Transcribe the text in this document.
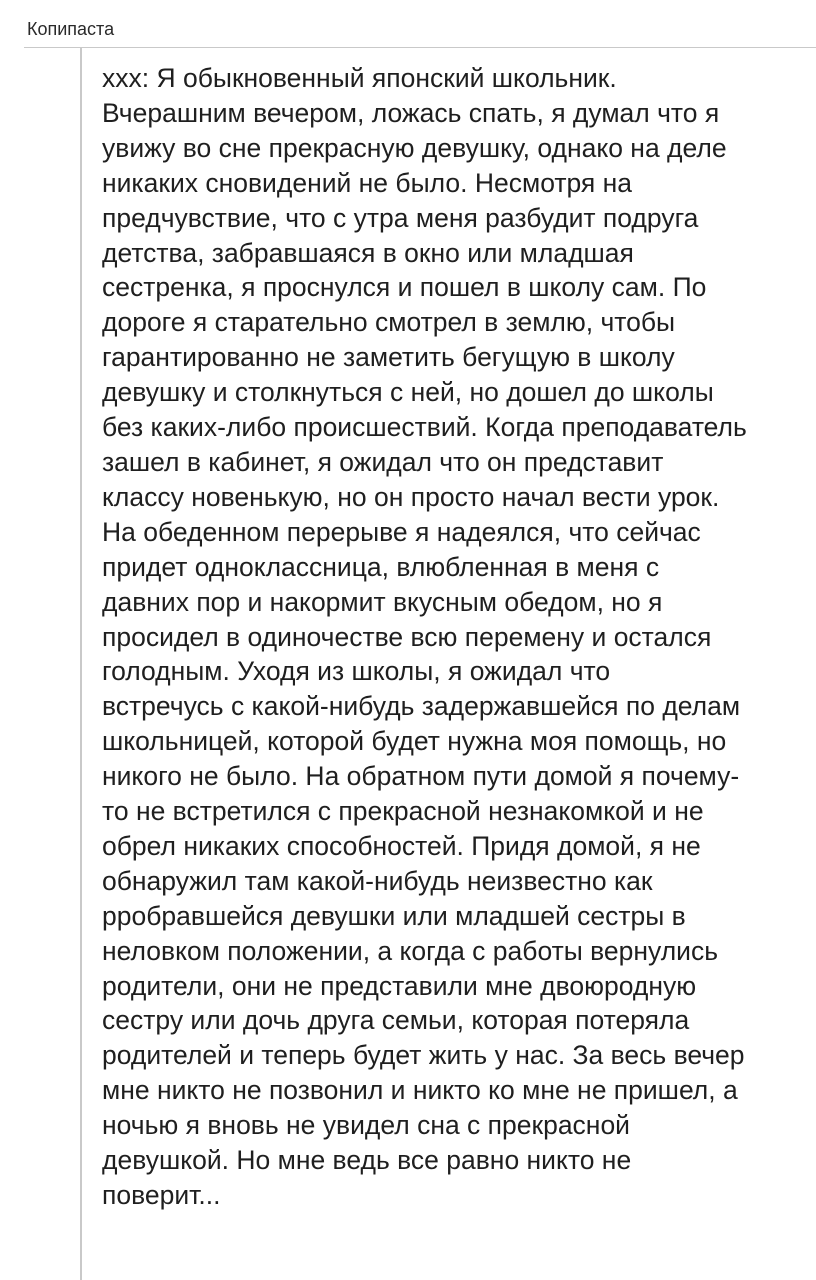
Копипаста

ххх: Я обыкновенный японский школьник.
Вчерашним вечером, ложась спать, я думал что я
увижу во сне прекрасную девушку, однако на деле
никаких сновидений не было. Несмотря на
предчувствие, что с утра меня разбудит подруга
детства, забравшаяся в окно или младшая
сестренка, я проснулся и пошел в школу сам. По
дороге я старательно смотрел в землю, чтобы
гарантированно не заметить бегущую в школу
девушку и столкнуться с ней, но дошел до школы
без каких-либо происшествий. Когда преподаватель
зашел в кабинет, я ожидал что он представит
классу новенькую, но он просто начал вести урок.
На обеденном перерыве я надеялся, что сейчас
придет одноклассница, влюбленная в меня с
давних пор и накормит вкусным обедом, но я
просидел в одиночестве всю перемену и остался
голодным. Уходя из школы, я ожидал что
встречусь с какой-нибудь задержавшейся по делам
школьницей, которой будет нужна моя помощь, но
никого не было. На обратном пути домой я почему-
то не встретился с прекрасной незнакомкой и не
обрел никаких способностей. Придя домой, я не
обнаружил там какой-нибудь неизвестно как
pробравшейся девушки или младшей сестры в
неловком положении, а когда с работы вернулись
родители, они не представили мне двоюродную
сестру или дочь друга семьи, которая потеряла
родителей и теперь будет жить у нас. За весь вечер
мне никто не позвонил и никто ко мне не пришел, а
ночью я вновь не увидел сна с прекрасной
девушкой. Но мне ведь все равно никто не
поверит...
